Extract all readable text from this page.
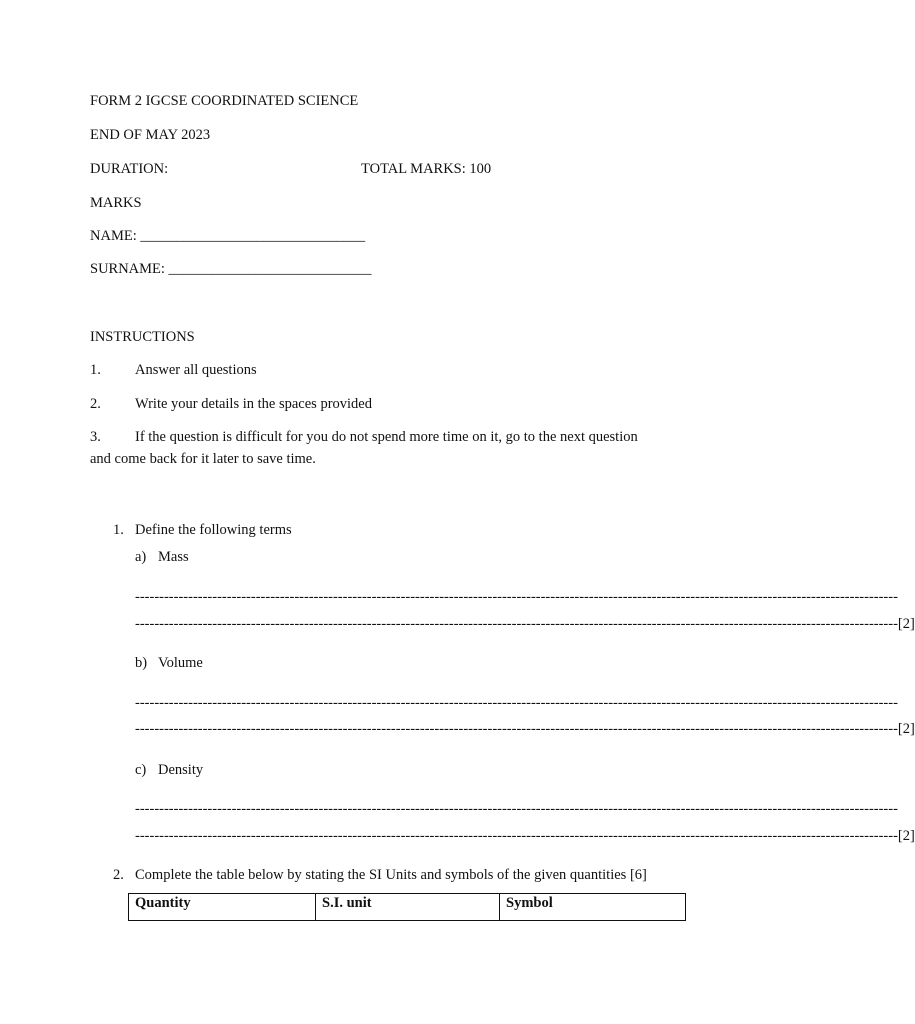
FORM 2 IGCSE COORDINATED SCIENCE
END OF MAY 2023
DURATION:	TOTAL MARKS: 100
MARKS
NAME: _______________________________
SURNAME: ____________________________
INSTRUCTIONS
1. Answer all questions
2. Write your details in the spaces provided
3. If the question is difficult for you do not spend more time on it, go to the next question
and come back for it later to save time.
1. Define the following terms
a) Mass
--------------------------------------------------------------------------------------------------------------------------------------------------------------
-------------------------------------------------------------------------------------------------------------------------------------------------------------- [2]
b) Volume
--------------------------------------------------------------------------------------------------------------------------------------------------------------
-------------------------------------------------------------------------------------------------------------------------------------------------------------- [2]
c) Density
--------------------------------------------------------------------------------------------------------------------------------------------------------------
-------------------------------------------------------------------------------------------------------------------------------------------------------------- [2]
2. Complete the table below by stating the SI Units and symbols of the given quantities [6]
Quantity	S.I. unit	Symbol
